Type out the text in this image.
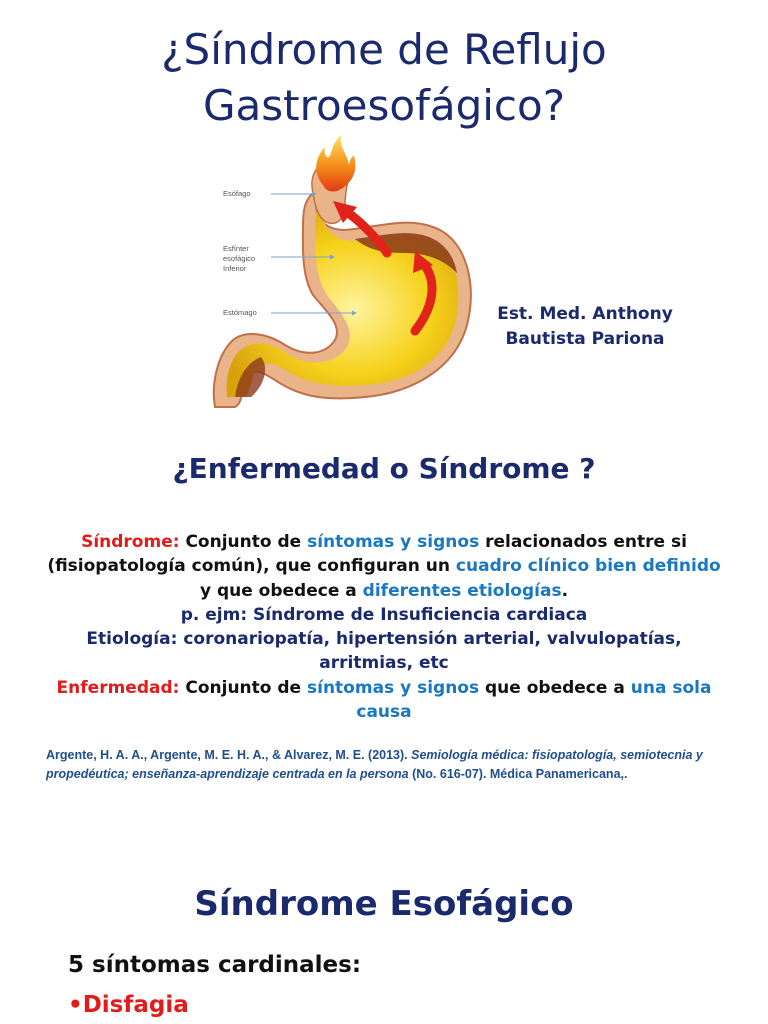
¿Síndrome de Reflujo
Gastroesofágico?
Esófago
Esfínter
esofágico
Inferior
Estómago	Est. Med. Anthony
Bautista Pariona
¿Enfermedad o Síndrome ?
Síndrome: Conjunto de síntomas y signos relacionados entre si (fisiopatología común), que configuran un cuadro clínico bien definido y que obedece a diferentes etiologías.
p. ejm: Síndrome de Insuficiencia cardiaca
Etiología: coronariopatía, hipertensión arterial, valvulopatías, arritmias, etc
Enfermedad: Conjunto de síntomas y signos que obedece a una sola causa
Argente, H. A. A., Argente, M. E. H. A., & Alvarez, M. E. (2013). Semiología médica: fisiopatología, semiotecnia y propedéutica; enseñanza-aprendizaje centrada en la persona (No. 616-07). Médica Panamericana,.
Síndrome Esofágico
5 síntomas cardinales:
•Disfagia
